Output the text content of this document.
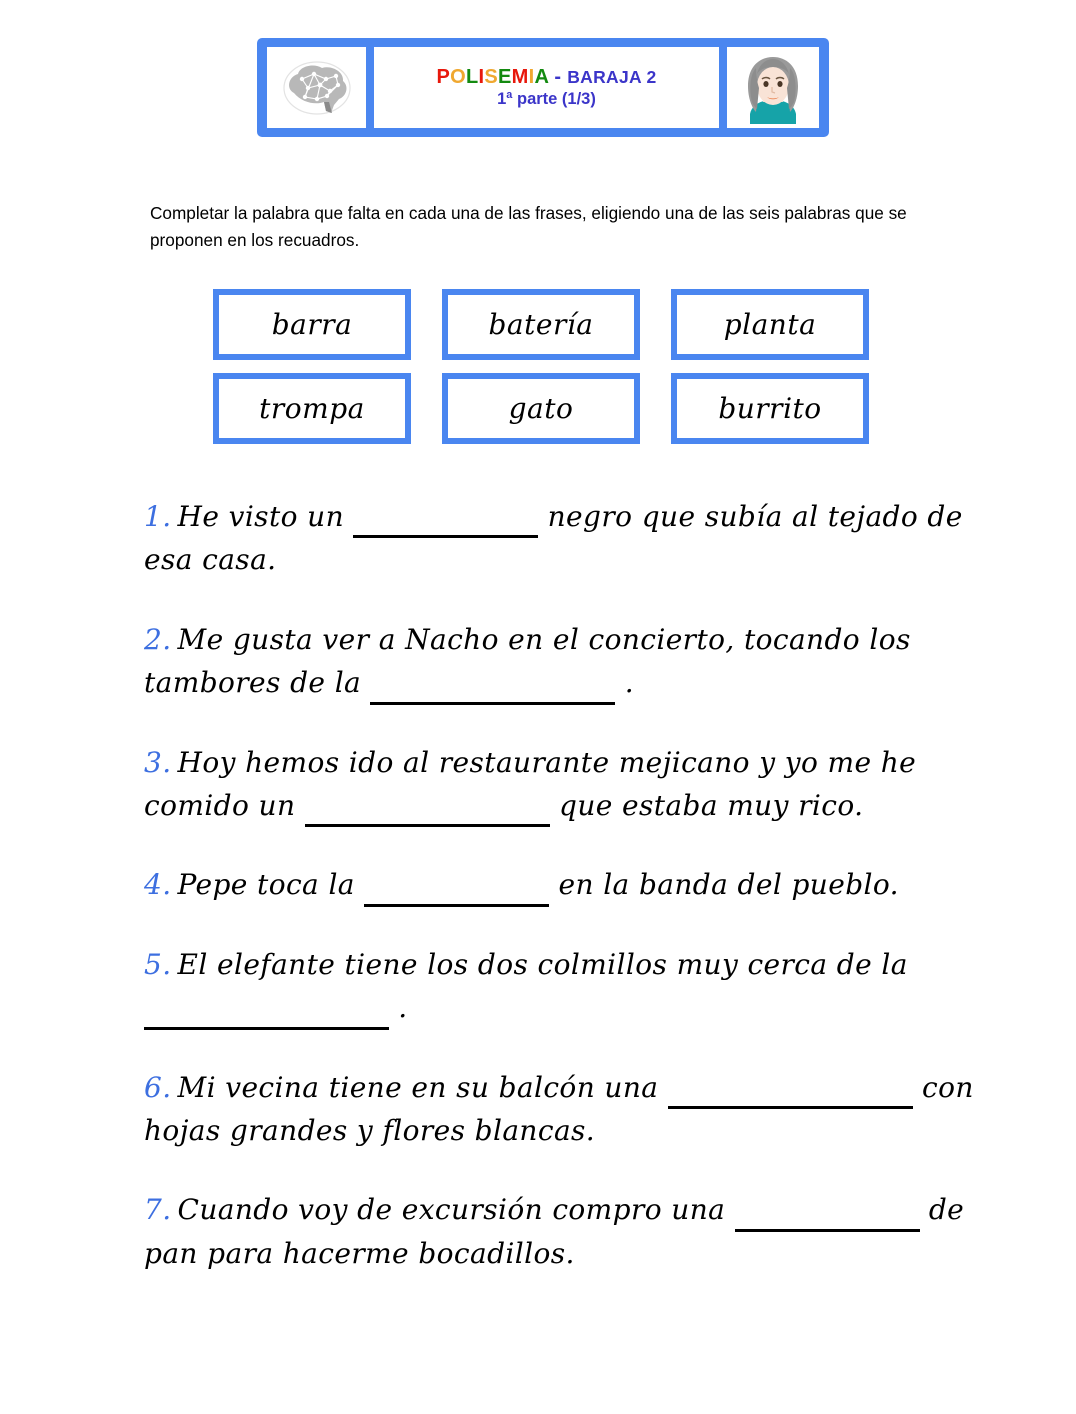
POLISEMIA - BARAJA 2
1ª parte (1/3)
Completar la palabra que falta en cada una de las frases, eligiendo una de las seis palabras que se proponen en los recuadros.
barra	batería	planta
trompa	gato	burrito
1. He visto un	negro que subía al tejado de esa casa.
2. Me gusta ver a Nacho en el concierto, tocando los tambores de la	.
3. Hoy hemos ido al restaurante mejicano y yo me he comido un	que estaba muy rico.
4. Pepe toca la	en la banda del pueblo.
5. El elefante tiene los dos colmillos muy cerca de la  .
6. Mi vecina tiene en su balcón una	con hojas grandes y flores blancas.
7. Cuando voy de excursión compro una	de pan para hacerme bocadillos.
